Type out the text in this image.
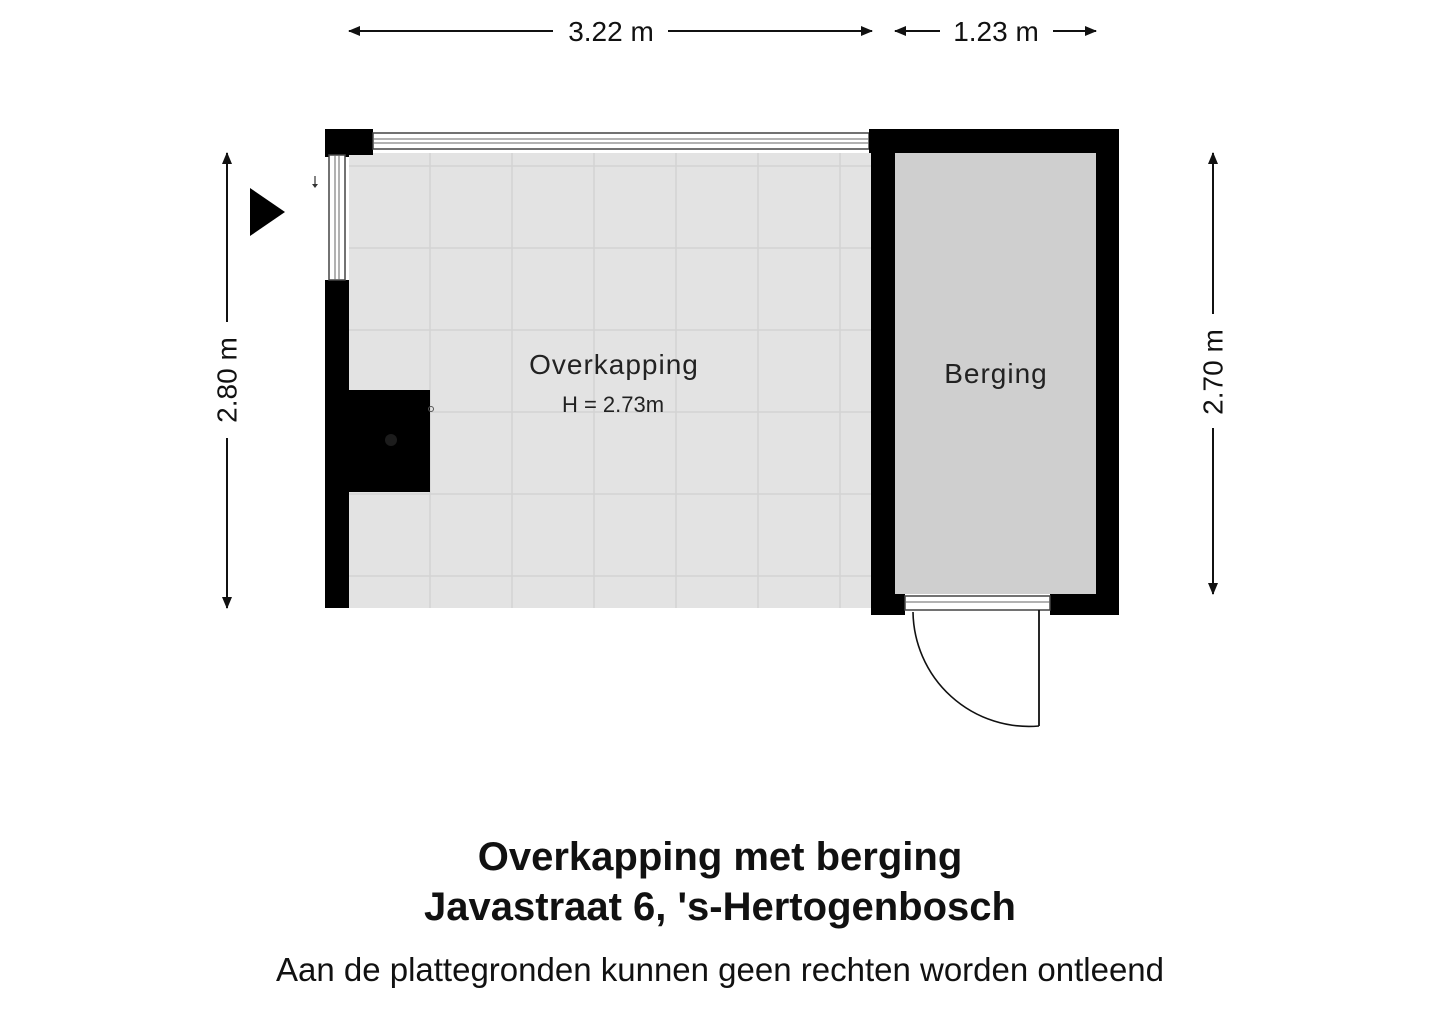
3.22 m	1.23 m
2.80 m	2.70 m
Overkapping
H = 2.73m
Berging

Overkapping met berging

Javastraat 6, 's-Hertogenbosch

Aan de plattegronden kunnen geen rechten worden ontleend
